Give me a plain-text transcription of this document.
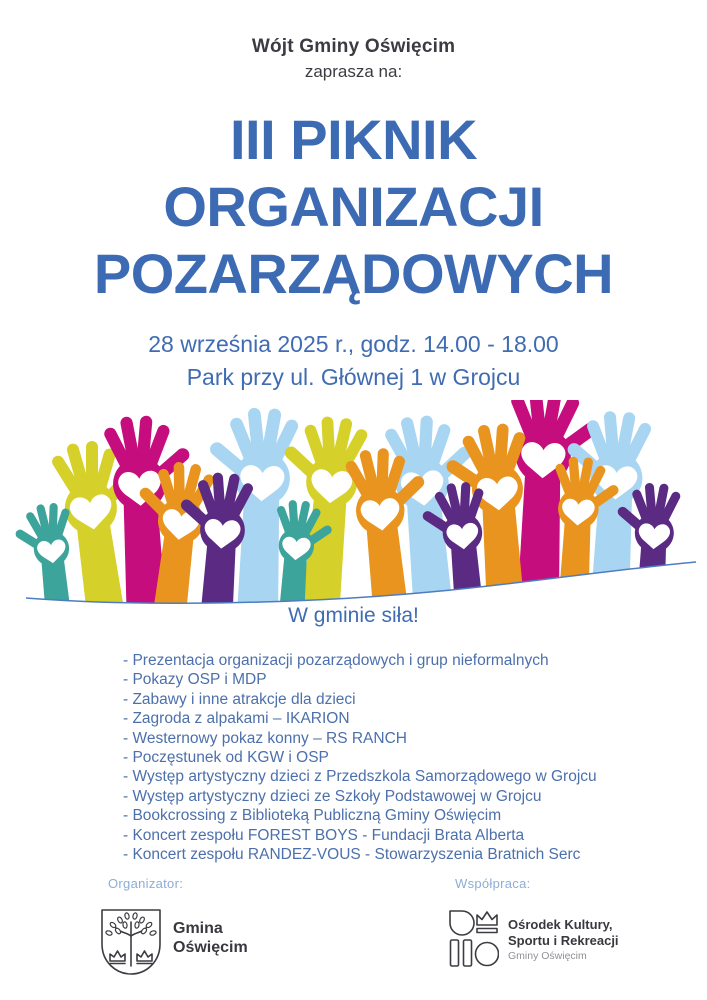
Wójt Gminy Oświęcim
zaprasza na:
III PIKNIK
ORGANIZACJI
POZARZĄDOWYCH
28 września 2025 r., godz. 14.00 - 18.00
Park przy ul. Głównej 1 w Grojcu
W gminie siła!
- Prezentacja organizacji pozarządowych i grup nieformalnych
- Pokazy OSP i MDP
- Zabawy i inne atrakcje dla dzieci
- Zagroda z alpakami – IKARION
- Westernowy pokaz konny – RS RANCH
- Poczęstunek od KGW i OSP
- Występ artystyczny dzieci z Przedszkola Samorządowego w Grojcu
- Występ artystyczny dzieci ze Szkoły Podstawowej w Grojcu
- Bookcrossing z Biblioteką Publiczną Gminy Oświęcim
- Koncert zespołu FOREST BOYS - Fundacji Brata Alberta
- Koncert zespołu RANDEZ-VOUS - Stowarzyszenia Bratnich Serc
Organizator:
Gmina
Oświęcim
Współpraca:
Ośrodek Kultury,
Sportu i Rekreacji
Gminy Oświęcim
